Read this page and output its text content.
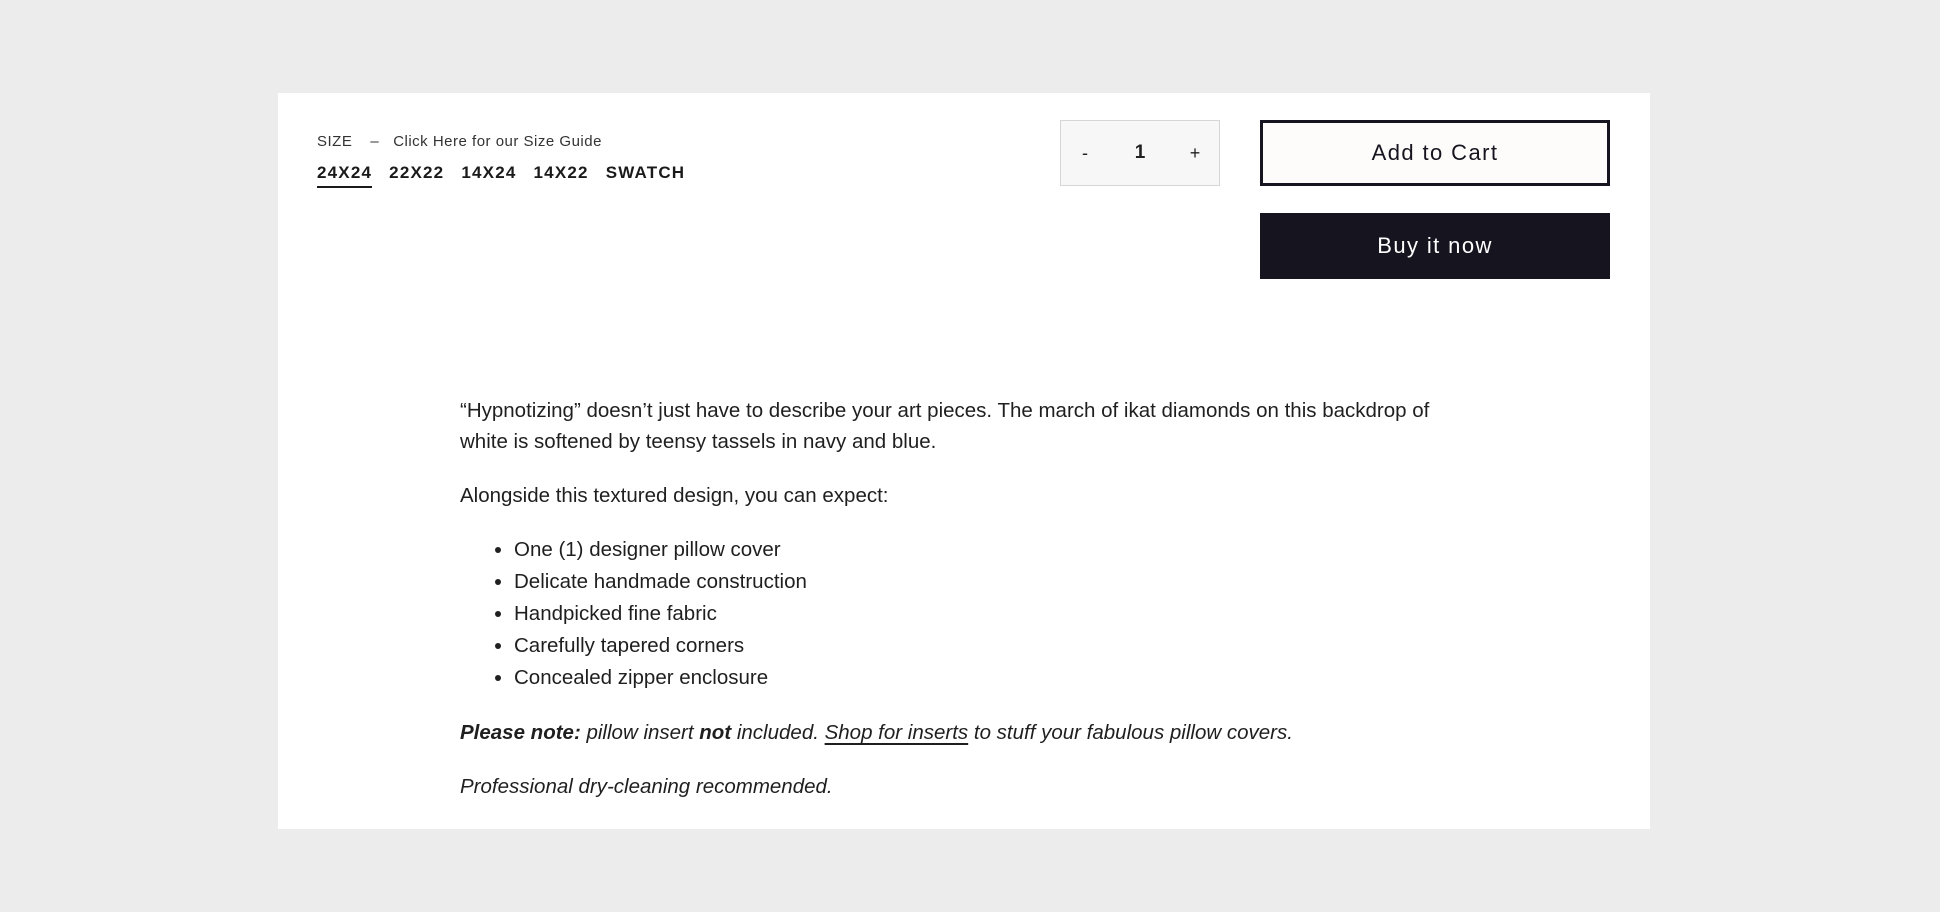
SIZE – Click Here for our Size Guide
24X24 22X22 14X24 14X22 SWATCH
-	1	+	Add to Cart
Buy it now

“Hypnotizing” doesn’t just have to describe your art pieces. The march of ikat diamonds on this backdrop of white is softened by teensy tassels in navy and blue.

Alongside this textured design, you can expect:

• One (1) designer pillow cover
• Delicate handmade construction
• Handpicked fine fabric
• Carefully tapered corners
• Concealed zipper enclosure

Please note: pillow insert not included. Shop for inserts to stuff your fabulous pillow covers.

Professional dry-cleaning recommended.
